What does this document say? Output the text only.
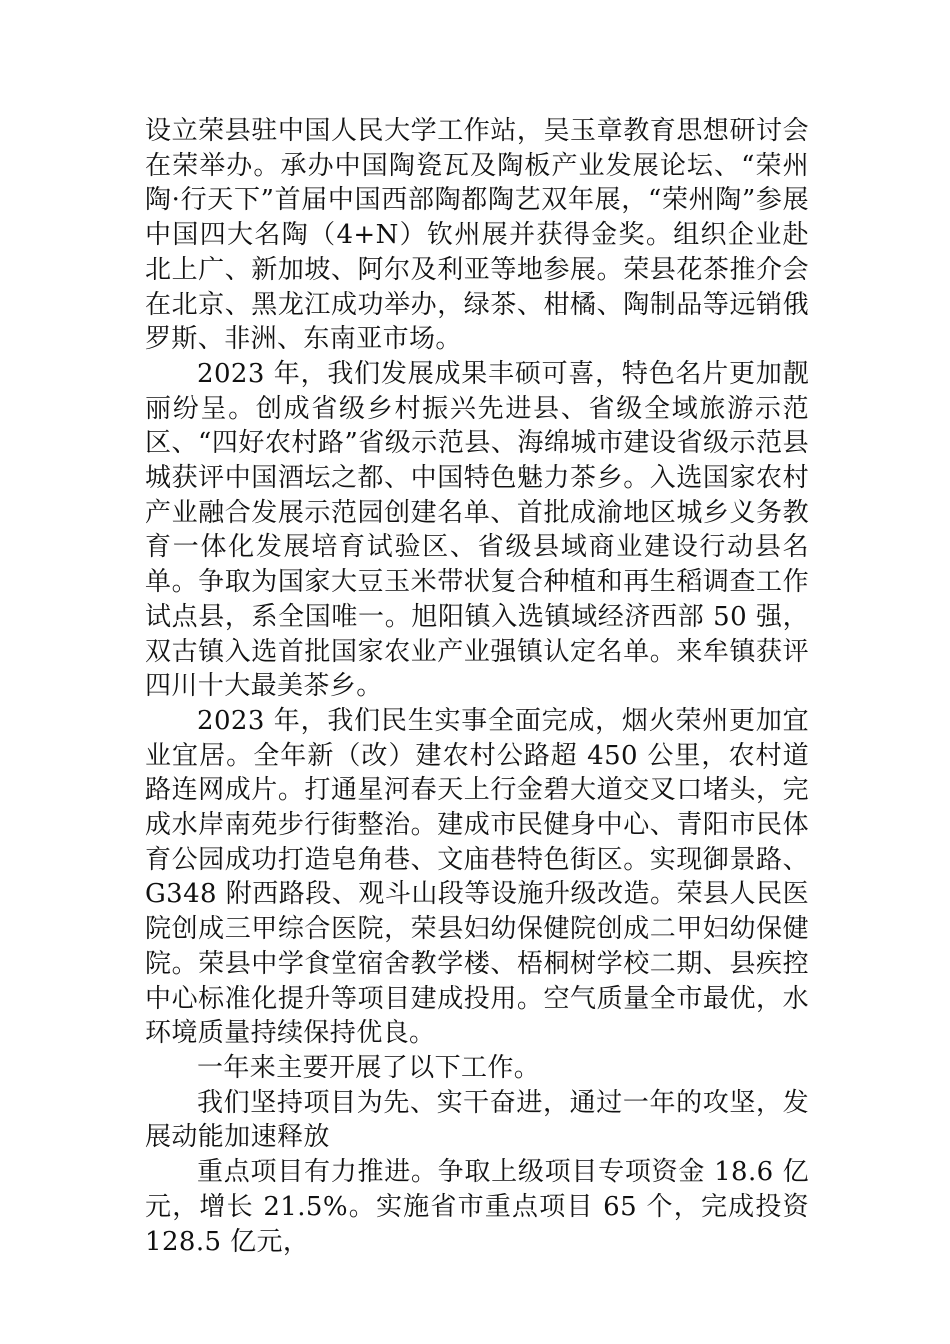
设立荣县驻中国人民大学工作站，吴玉章教育思想研讨会在荣举办。承办中国陶瓷瓦及陶板产业发展论坛、“荣州陶·行天下”首届中国西部陶都陶艺双年展，“荣州陶”参展中国四大名陶（4+N）钦州展并获得金奖。组织企业赴北上广、新加坡、阿尔及利亚等地参展。荣县花茶推介会在北京、黑龙江成功举办，绿茶、柑橘、陶制品等远销俄罗斯、非洲、东南亚市场。

2023 年，我们发展成果丰硕可喜，特色名片更加靓丽纷呈。创成省级乡村振兴先进县、省级全域旅游示范区、“四好农村路”省级示范县、海绵城市建设省级示范县城获评中国酒坛之都、中国特色魅力茶乡。入选国家农村产业融合发展示范园创建名单、首批成渝地区城乡义务教育一体化发展培育试验区、省级县域商业建设行动县名单。争取为国家大豆玉米带状复合种植和再生稻调查工作试点县，系全国唯一。旭阳镇入选镇域经济西部 50 强，双古镇入选首批国家农业产业强镇认定名单。来牟镇获评四川十大最美茶乡。

2023 年，我们民生实事全面完成，烟火荣州更加宜业宜居。全年新（改）建农村公路超 450 公里，农村道路连网成片。打通星河春天上行金碧大道交叉口堵头，完成水岸南苑步行街整治。建成市民健身中心、青阳市民体育公园成功打造皂角巷、文庙巷特色街区。实现御景路、G348 附西路段、观斗山段等设施升级改造。荣县人民医院创成三甲综合医院，荣县妇幼保健院创成二甲妇幼保健院。荣县中学食堂宿舍教学楼、梧桐树学校二期、县疾控中心标准化提升等项目建成投用。空气质量全市最优，水环境质量持续保持优良。

一年来主要开展了以下工作。

我们坚持项目为先、实干奋进，通过一年的攻坚，发展动能加速释放

重点项目有力推进。争取上级项目专项资金 18.6 亿元，增长 21.5%。实施省市重点项目 65 个，完成投资 128.5 亿元，
